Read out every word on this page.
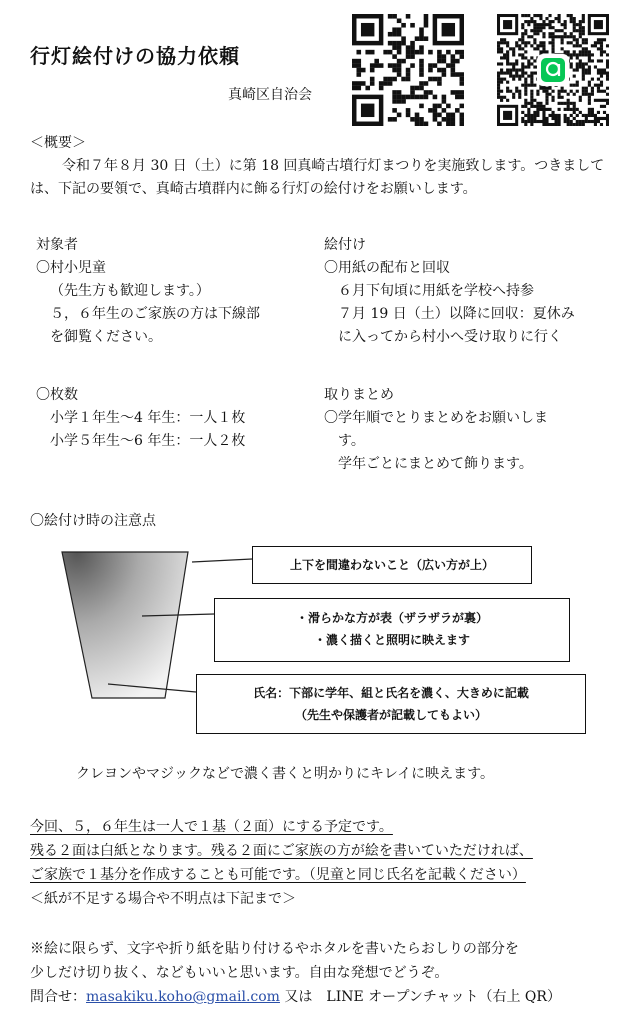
行灯絵付けの協力依頼
真崎区自治会
＜概要＞
令和７年８月 30 日（土）に第 18 回真崎古墳行灯まつりを実施致します。つきましては、下記の要領で、真崎古墳群内に飾る行灯の絵付けをお願いします。
対象者
〇村小児童
（先生方も歓迎します。）
５，６年生のご家族の方は下線部
を御覧ください。
絵付け
〇用紙の配布と回収
６月下旬頃に用紙を学校へ持参
７月 19 日（土）以降に回収：夏休み
に入ってから村小へ受け取りに行く
〇枚数
小学１年生〜4 年生：一人１枚
小学５年生〜6 年生：一人２枚
取りまとめ
〇学年順でとりまとめをお願いしま
す。
学年ごとにまとめて飾ります。
〇絵付け時の注意点
上下を間違わないこと（広い方が上）
・滑らかな方が表（ザラザラが裏）
・濃く描くと照明に映えます
氏名：下部に学年、組と氏名を濃く、大きめに記載
（先生や保護者が記載してもよい）
クレヨンやマジックなどで濃く書くと明かりにキレイに映えます。
今回、５，６年生は一人で１基（２面）にする予定です。
残る２面は白紙となります。残る２面にご家族の方が絵を書いていただければ、
ご家族で１基分を作成することも可能です。（児童と同じ氏名を記載ください）
＜紙が不足する場合や不明点は下記まで＞
※絵に限らず、文字や折り紙を貼り付けるやホタルを書いたらおしりの部分を
少しだけ切り抜く、などもいいと思います。自由な発想でどうぞ。
問合せ：masakiku.koho@gmail.com 又は　LINE オープンチャット（右上 QR）
